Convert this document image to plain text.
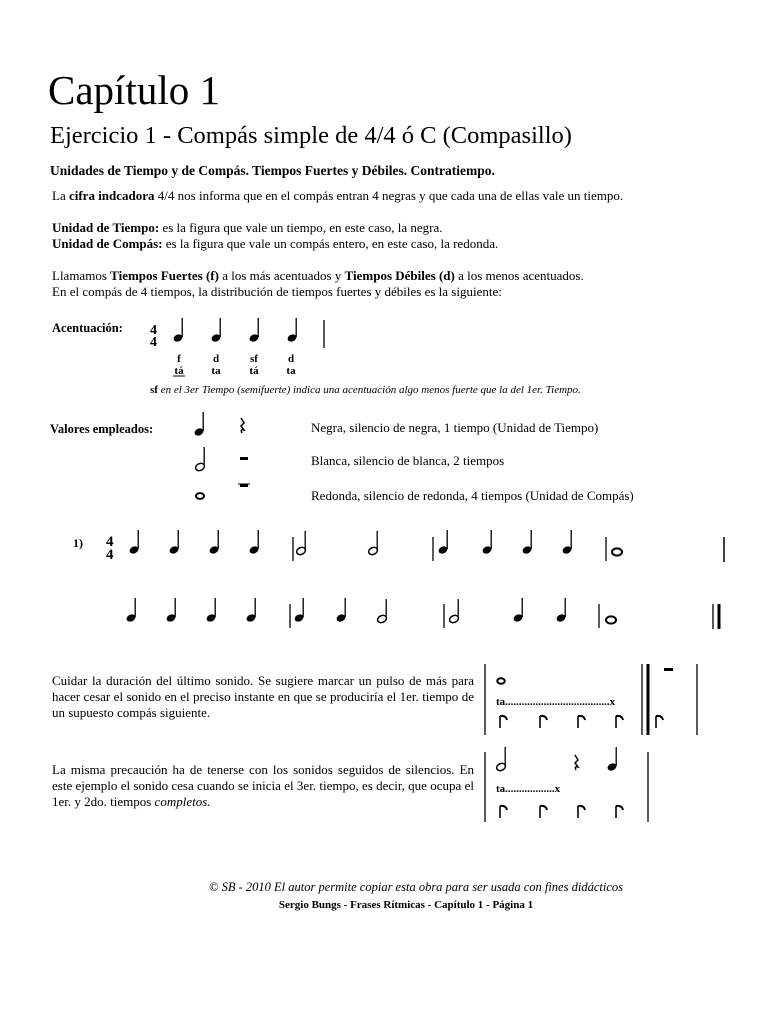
Capítulo 1
Ejercicio 1 - Compás simple de 4/4 ó C (Compasillo)
Unidades de Tiempo y de Compás. Tiempos Fuertes y Débiles. Contratiempo.
La cifra indcadora 4/4 nos informa que en el compás entran 4 negras y que cada una de ellas vale un tiempo.
Unidad de Tiempo: es la figura que vale un tiempo, en este caso, la negra.
Unidad de Compás: es la figura que vale un compás entero, en este caso, la redonda.
Llamamos Tiempos Fuertes (f) a los más acentuados y Tiempos Débiles (d) a los menos acentuados.
En el compás de 4 tiempos, la distribución de tiempos fuertes y débiles es la siguiente:
Acentuación: 4
4
f	d	sf	d
tá	ta	tá	ta
sf en el 3er Tiempo (semifuerte) indica una acentuación algo menos fuerte que la del 1er. Tiempo.
Valores empleados:	Negra, silencio de negra, 1 tiempo (Unidad de Tiempo)
Blanca, silencio de blanca, 2 tiempos
Redonda, silencio de redonda, 4 tiempos (Unidad de Compás)
1) 4
4
Cuidar la duración del último sonido. Se sugiere marcar un pulso de más para hacer cesar el sonido en el preciso instante en que se produciría el 1er. tiempo de un supuesto compás siguiente.
La misma precaución ha de tenerse con los sonidos seguidos de silencios. En este ejemplo el sonido cesa cuando se inicia el 3er. tiempo, es decir, que ocupa el 1er. y 2do. tiempos completos.
ta......................................x
ta..................x
© SB - 2010 El autor permite copiar esta obra para ser usada con fines didácticos
Sergio Bungs - Frases Rítmicas - Capítulo 1 - Página 1
